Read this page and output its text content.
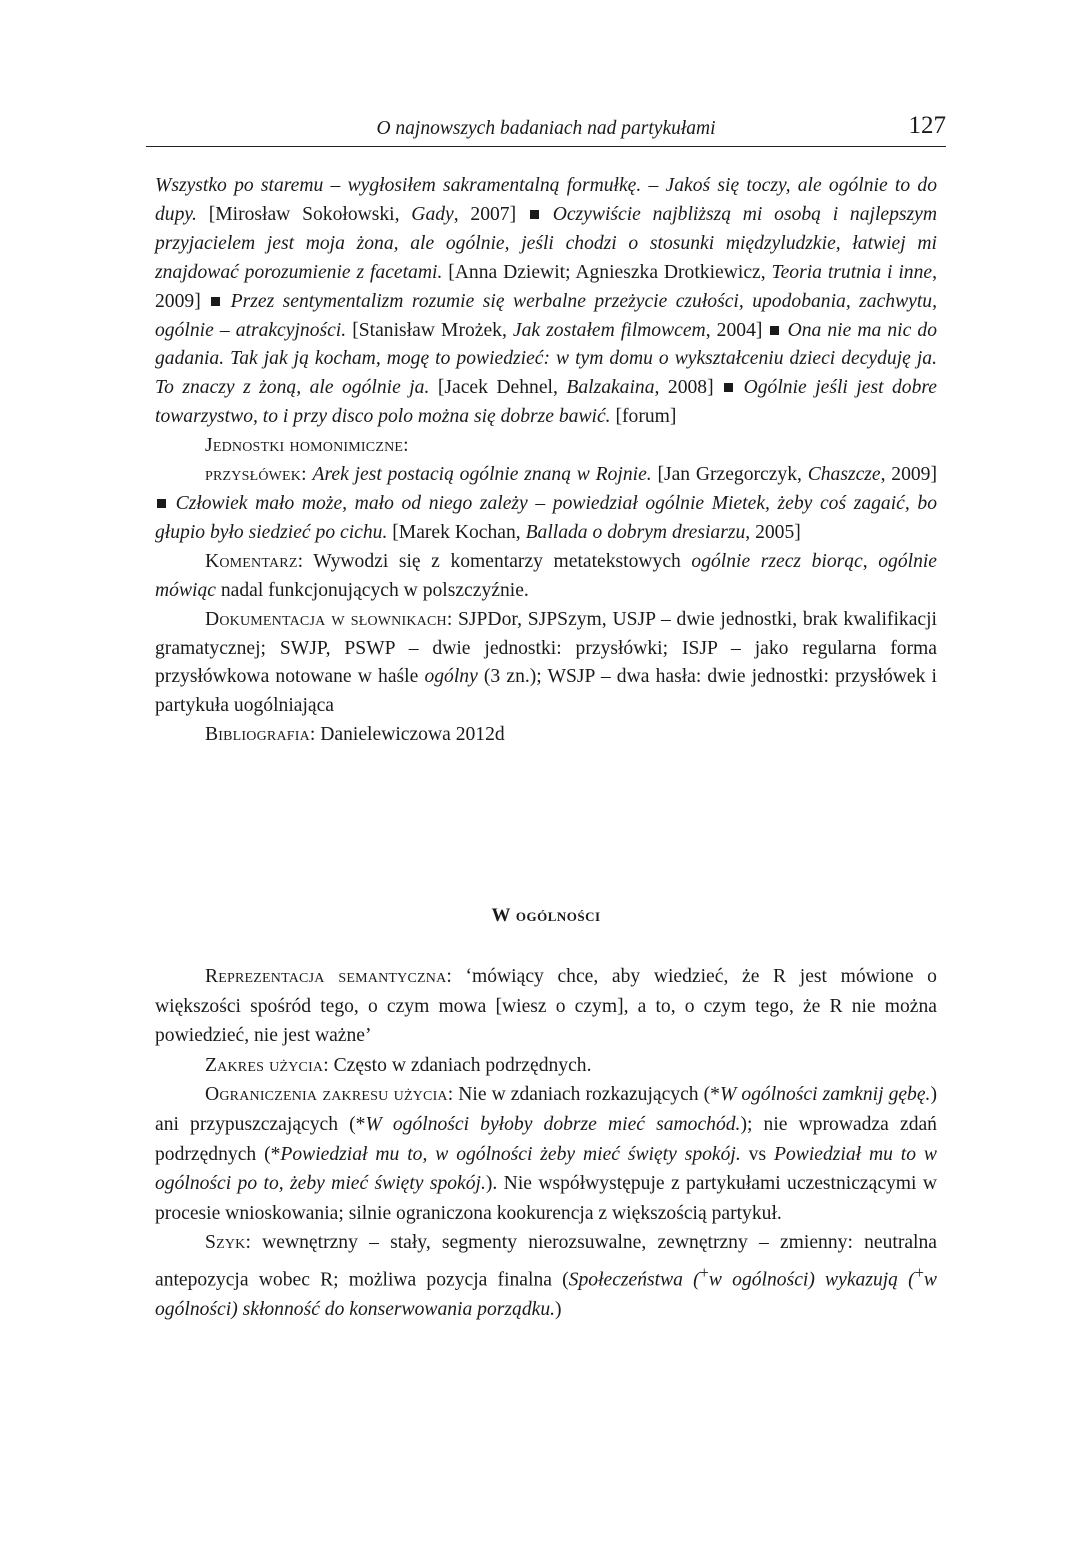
O najnowszych badaniach nad partykułami	127

Wszystko po staremu – wygłosiłem sakramentalną formułkę. – Jakoś się toczy, ale ogólnie to do dupy. [Mirosław Sokołowski, Gady, 2007] Oczywiście najbliższą mi osobą i najlepszym przyjacielem jest moja żona, ale ogólnie, jeśli chodzi o stosunki międzyludzkie, łatwiej mi znajdować porozumienie z facetami. [Anna Dziewit; Agnieszka Drotkiewicz, Teoria trutnia i inne, 2009] Przez sentymentalizm rozumie się werbalne przeżycie czułości, upodobania, zachwytu, ogólnie – atrakcyjności. [Stanisław Mrożek, Jak zostałem filmowcem, 2004] Ona nie ma nic do gadania. Tak jak ją kocham, mogę to powiedzieć: w tym domu o wykształceniu dzieci decyduję ja. To znaczy z żoną, ale ogólnie ja. [Jacek Dehnel, Balzakaina, 2008] Ogólnie jeśli jest dobre towarzystwo, to i przy disco polo można się dobrze bawić. [forum]

Jednostki homonimiczne:

przysłówek: Arek jest postacią ogólnie znaną w Rojnie. [Jan Grzegorczyk, Chaszcze, 2009]  Człowiek mało może, mało od niego zależy – powiedział ogólnie Mietek, żeby coś zagaić, bo głupio było siedzieć po cichu. [Marek Kochan, Ballada o dobrym dresiarzu, 2005]

Komentarz: Wywodzi się z komentarzy metatekstowych ogólnie rzecz biorąc, ogólnie mówiąc nadal funkcjonujących w polszczyźnie.

Dokumentacja w słownikach: SJPDor, SJPSzym, USJP – dwie jednostki, brak kwalifikacji gramatycznej; SWJP, PSWP – dwie jednostki: przysłówki; ISJP – jako regularna forma przysłówkowa notowane w haśle ogólny (3 zn.); WSJP – dwa hasła: dwie jednostki: przysłówek i partykuła uogólniająca

Bibliografia: Danielewiczowa 2012d

W ogólności

Reprezentacja semantyczna: ‘mówiący chce, aby wiedzieć, że R jest mówione o większości spośród tego, o czym mowa [wiesz o czym], a to, o czym tego, że R nie można powiedzieć, nie jest ważne’

Zakres użycia: Często w zdaniach podrzędnych.

Ograniczenia zakresu użycia: Nie w zdaniach rozkazujących (*W ogólności zamknij gębę.) ani przypuszczających (*W ogólności byłoby dobrze mieć samochód.); nie wprowadza zdań podrzędnych (*Powiedział mu to, w ogólności żeby mieć święty spokój. vs Powiedział mu to w ogólności po to, żeby mieć święty spokój.). Nie współwystępuje z partykułami uczestniczącymi w procesie wnioskowania; silnie ograniczona kookurencja z większością partykuł.

Szyk: wewnętrzny – stały, segmenty nierozsuwalne, zewnętrzny – zmienny: neutralna antepozycja wobec R; możliwa pozycja finalna (Społeczeństwa (+w ogólności) wykazują (+w ogólności) skłonność do konserwowania porządku.)
